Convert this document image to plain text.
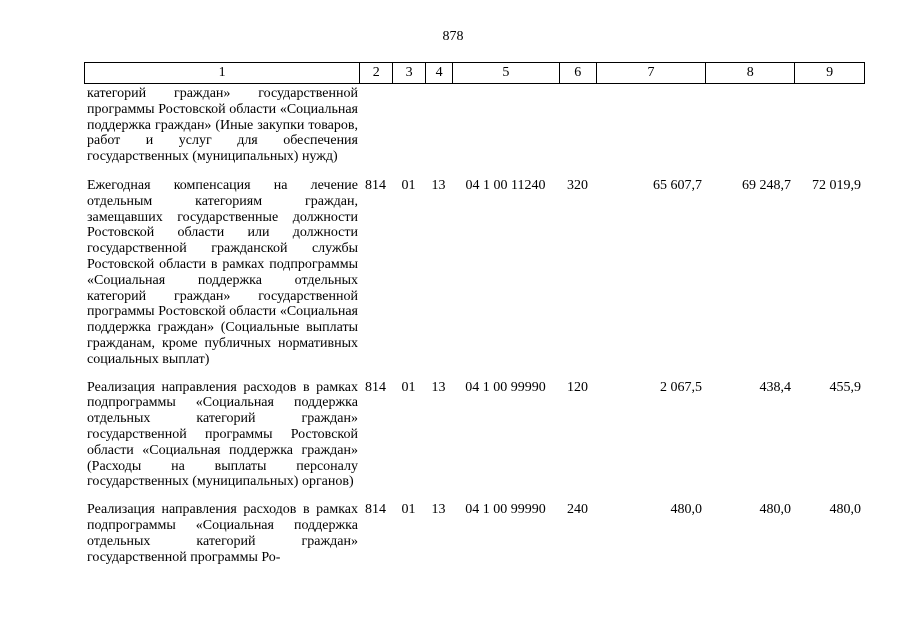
878
1	2	3	4	5	6	7	8	9
категорий граждан» государственной программы Ростовской области «Социальная поддержка граждан» (Иные закупки товаров, работ и услуг для обеспечения государственных (муниципальных) нужд)
Ежегодная компенсация на лечение отдельным категориям граждан, замещавших государственные должности Ростовской области или должности государственной гражданской службы Ростовской области в рамках подпрограммы «Социальная поддержка отдельных категорий граждан» государственной программы Ростовской области «Социальная поддержка граждан» (Социальные выплаты гражданам, кроме публичных нормативных социальных выплат)
814	01	13	04 1 00 11240	320	65 607,7	69 248,7	72 019,9
Реализация направления расходов в рамках подпрограммы «Социальная поддержка отдельных категорий граждан» государственной программы Ростовской области «Социальная поддержка граждан» (Расходы на выплаты персоналу государственных (муниципальных) органов)
814	01	13	04 1 00 99990	120	2 067,5	438,4	455,9
Реализация направления расходов в рамках подпрограммы «Социальная поддержка отдельных категорий граждан» государственной программы Ро-
814	01	13	04 1 00 99990	240	480,0	480,0	480,0
